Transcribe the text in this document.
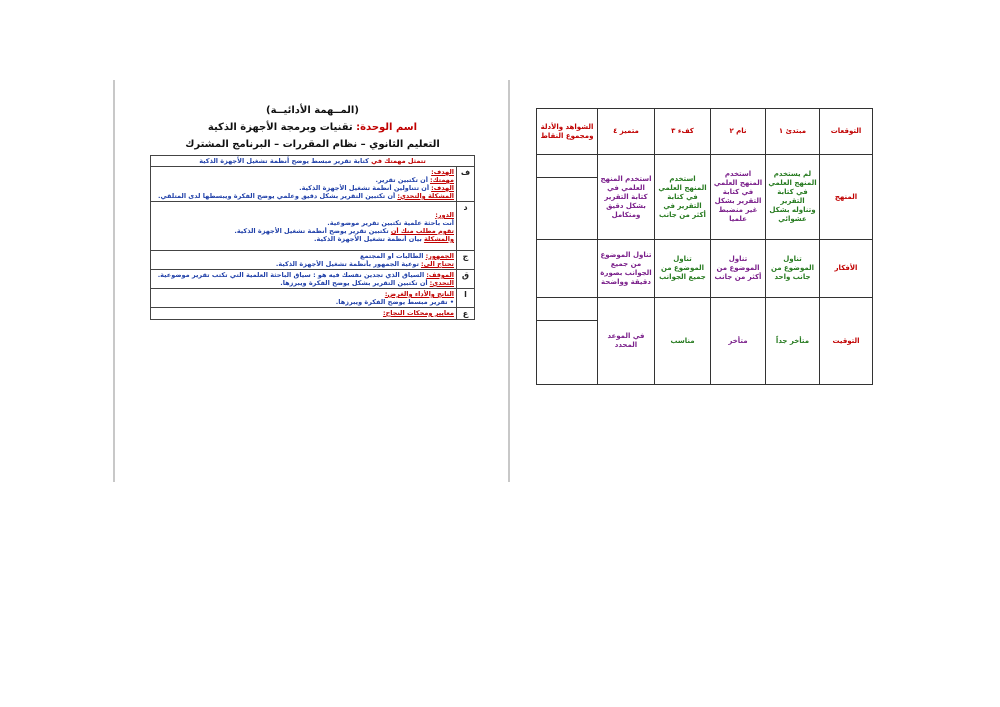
(المــهمة الأدائيــة)
اسم الوحدة: تقنيات وبرمجة الأجهزة الذكية
التعليم الثانوي – نظام المقررات – البرنامج المشترك
تتمثل مهمتك في كتابة تقرير مبسط يوضح أنظمة تشغيل الأجهزة الذكية	
ف	الهدف:
مهمتك: أن تكتبين تقرير.
الهدف: أن تتناولين أنظمة تشغيل الأجهزة الذكية.
المشكلة والتحدي: أن تكتبين التقرير بشكل دقيق وعلمي يوضح الفكرة ويبسطها لدى المتلقي.

د	الدور:
أنت باحثة علمية تكتبين تقرير موضوعية.
تقوم مطلب منك أن تكتبين تقرير يوضح أنظمة تشغيل الأجهزة الذكية.
والمشكلة بيان أنظمة تشغيل الأجهزة الذكية.

ج	الجمهور: الطالبات او المجتمع
تحتاج الى: توعية الجمهور بأنظمة تشغيل الأجهزة الذكية.

ق	الموقف: السياق الذي تجدين نفسك فيه هو : سياق الباحثة العلمية التي تكتب تقرير موضوعية.
التحدي: أن تكتبين التقرير بشكل يوضح الفكرة ويبرزها.

ا	الناتج والأداء والغرض:
• تقرير مبسط يوضح الفكرة ويبرزها.

ع	معايير ومحكات النجاح:
التوقعات	مبتدئ ١	نام ٢	كفء ٣	متميز ٤	الشواهد والأدلة ومجموع النقاط
المنهج	لم يستخدم المنهج العلمي في كتابة التقرير وتناوله بشكل عشوائي	استخدم المنهج العلمي في كتابة التقرير بشكل غير منضبط علميا	استخدم المنهج العلمي في كتابة التقرير في أكثر من جانب	استخدم المنهج العلمي في كتابة التقرير بشكل دقيق ومتكامل	

الأفكار	تناول الموضوع من جانب واحد	تناول الموضوع من أكثر من جانب	تناول الموضوع من جميع الجوانب	تناول الموضوع من جميع الجوانب بصورة دقيقة وواضحة	
التوقيت	متأخر جداً	متأخر	مناسب	في الموعد المحدد	
